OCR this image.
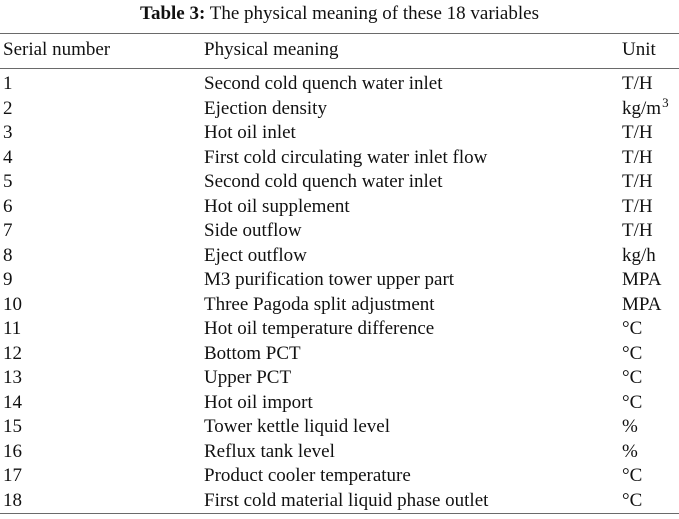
Table 3: The physical meaning of these 18 variables
Serial number	Physical meaning	Unit
1	Second cold quench water inlet	T/H
2	Ejection density	$kg/m^3$
3	Hot oil inlet	T/H
4	First cold circulating water inlet flow	T/H
5	Second cold quench water inlet	T/H
6	Hot oil supplement	T/H
7	Side outflow	T/H
8	Eject outflow	kg/h
9	M3 purification tower upper part	MPA
10	Three Pagoda split adjustment	MPA
11	Hot oil temperature difference	°C
12	Bottom PCT	°C
13	Upper PCT	°C
14	Hot oil import	°C
15	Tower kettle liquid level	%
16	Reflux tank level	%
17	Product cooler temperature	°C
18	First cold material liquid phase outlet	°C
